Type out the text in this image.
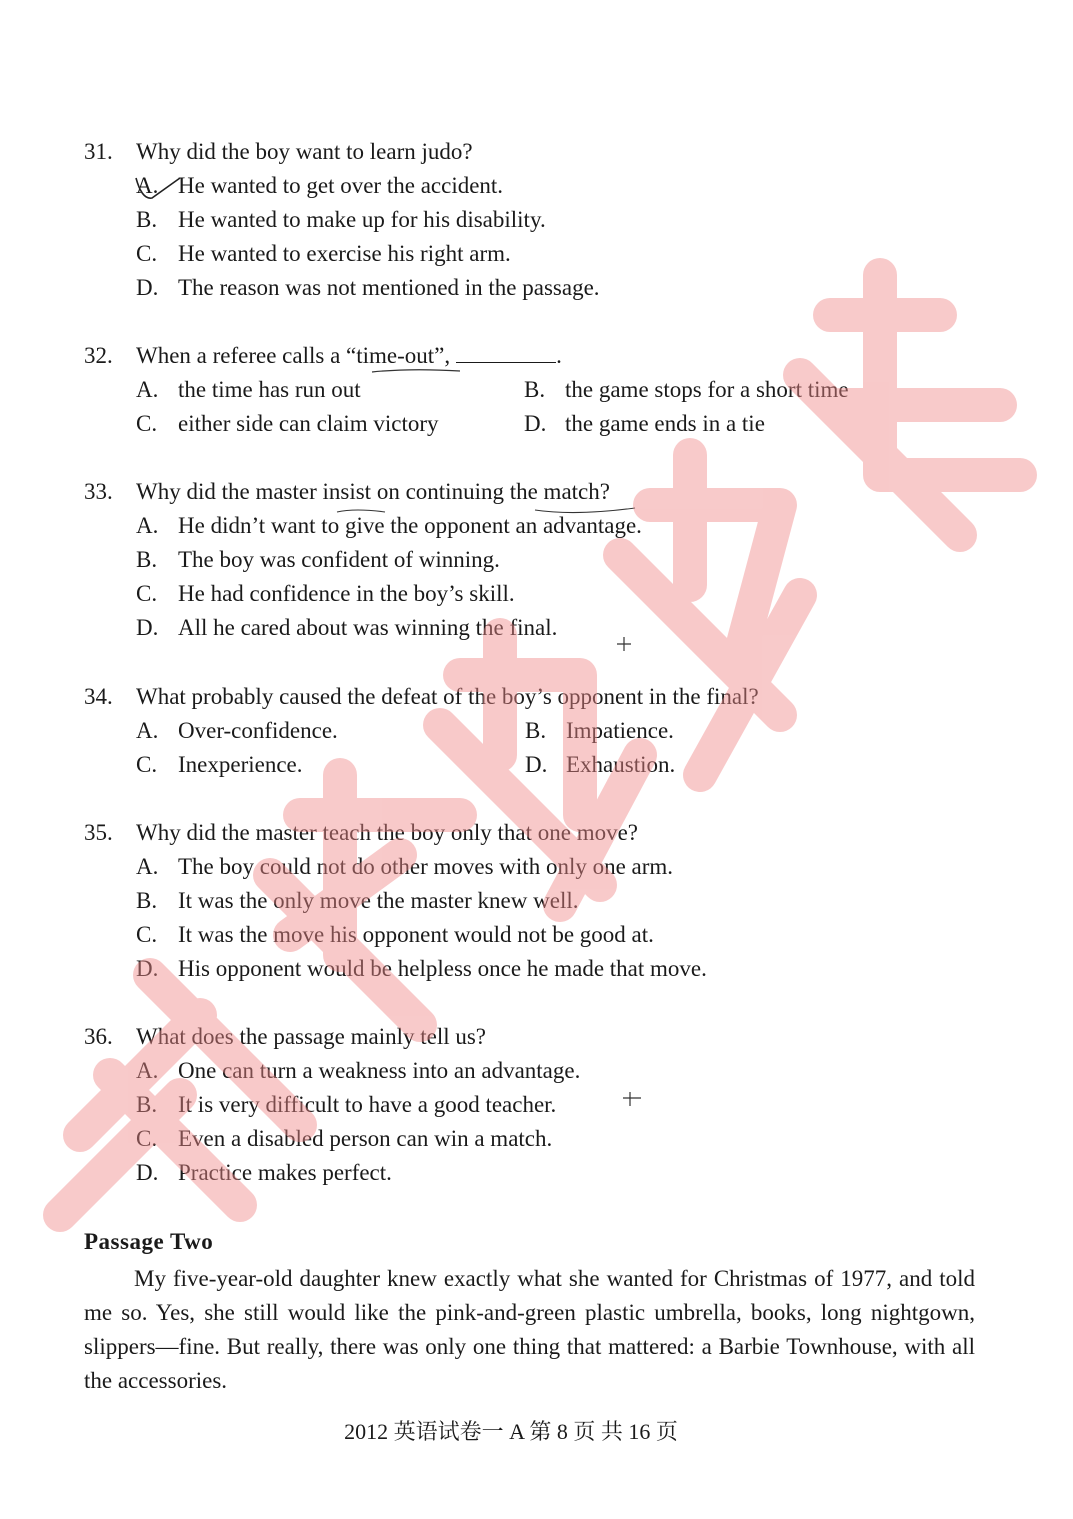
31. Why did the boy want to learn judo?
A. He wanted to get over the accident.
B. He wanted to make up for his disability.
C. He wanted to exercise his right arm.
D. The reason was not mentioned in the passage.
32. When a referee calls a “time-out”,	.
A. the time has run out	B. the game stops for a short time
C. either side can claim victory	D. the game ends in a tie
33. Why did the master insist on continuing the match?
A. He didn’t want to give the opponent an advantage.
B. The boy was confident of winning.
C. He had confidence in the boy’s skill.
D. All he cared about was winning the final.
34. What probably caused the defeat of the boy’s opponent in the final?
A. Over-confidence.	B. Impatience.
C. Inexperience.	D. Exhaustion.
35. Why did the master teach the boy only that one move?
A. The boy could not do other moves with only one arm.
B. It was the only move the master knew well.
C. It was the move his opponent would not be good at.
D. His opponent would be helpless once he made that move.
36. What does the passage mainly tell us?
A. One can turn a weakness into an advantage.
B. It is very difficult to have a good teacher.
C. Even a disabled person can win a match.
D. Practice makes perfect.
Passage Two
My five-year-old daughter knew exactly what she wanted for Christmas of 1977, and told me so. Yes, she still would like the pink-and-green plastic umbrella, books, long nightgown, slippers—fine. But really, there was only one thing that mattered: a Barbie Townhouse, with all the accessories.
2012 英语试卷一 A 第 8 页 共 16 页
